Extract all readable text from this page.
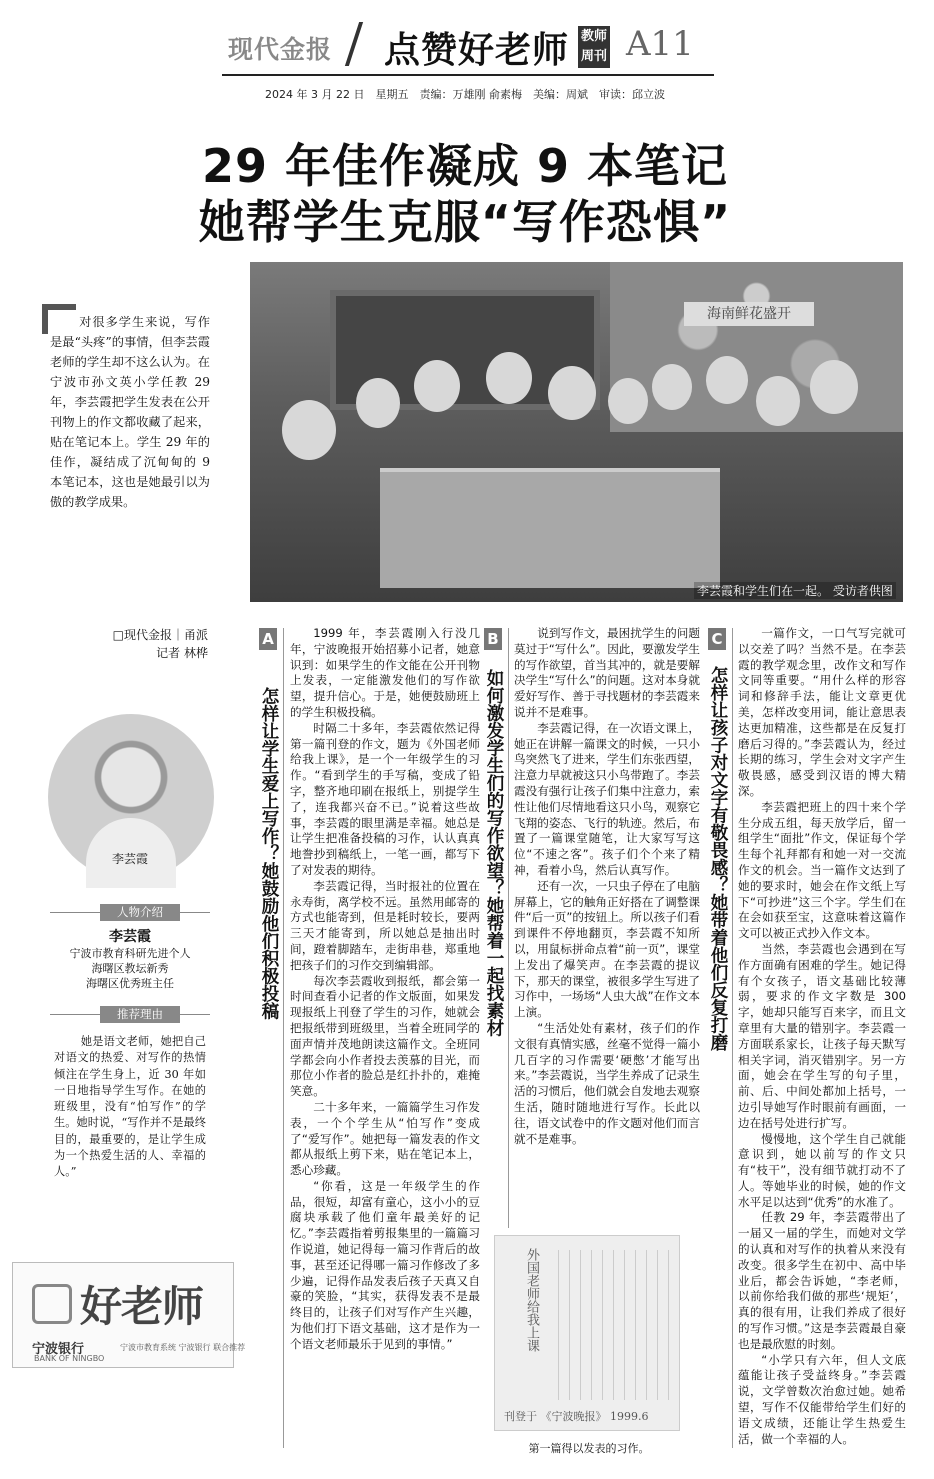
现代金报 点赞好老师 教师周刊 A11
2024 年 3 月 22 日　星期五　责编：万雄刚 俞素梅　美编：周斌　审读：邱立波
29 年佳作凝成 9 本笔记
她帮学生克服“写作恐惧”
海南鲜花盛开
李芸霞和学生们在一起。 受访者供图
对很多学生来说，写作是最“头疼”的事情，但李芸霞老师的学生却不这么认为。在宁波市孙文英小学任教 29 年，李芸霞把学生发表在公开刊物上的作文都收藏了起来，贴在笔记本上。学生 29 年的佳作，凝结成了沉甸甸的 9 本笔记本，这也是她最引以为傲的教学成果。
□现代金报｜甬派
记者 林桦
李芸霞
人物介绍
李芸霞
宁波市教育科研先进个人
海曙区教坛新秀
海曙区优秀班主任
推荐理由
她是语文老师，她把自己对语文的热爱、对写作的热情倾注在学生身上，近 30 年如一日地指导学生写作。在她的班级里，没有“怕写作”的学生。她时说，“写作并不是最终目的，最重要的，是让学生成为一个热爱生活的人、幸福的人。”
好老师
宁波银行
BANK OF NINGBO
宁波市教育系统 宁波银行 联合推荐
A
怎样让学生爱上写作？她鼓励他们积极投稿

1999 年，李芸霞刚入行没几年，宁波晚报开始招募小记者，她意识到：如果学生的作文能在公开刊物上发表，一定能激发他们的写作欲望，提升信心。于是，她便鼓励班上的学生积极投稿。

时隔二十多年，李芸霞依然记得第一篇刊登的作文，题为《外国老师给我上课》，是一个一年级学生的习作。“看到学生的手写稿，变成了铅字，整齐地印刷在报纸上，别提学生了，连我都兴奋不已。”说着这些故事，李芸霞的眼里满是幸福。她总是让学生把准备投稿的习作，认认真真地誊抄到稿纸上，一笔一画，都写下了对发表的期待。

李芸霞记得，当时报社的位置在永寿街，离学校不远。虽然用邮寄的方式也能寄到，但是耗时较长，要两三天才能寄到，所以她总是抽出时间，蹬着脚踏车，走街串巷，郑重地把孩子们的习作交到编辑部。

每次李芸霞收到报纸，都会第一时间查看小记者的作文版面，如果发现报纸上刊登了学生的习作，她就会把报纸带到班级里，当着全班同学的面声情并茂地朗读这篇作文。全班同学都会向小作者投去羡慕的目光，而那位小作者的脸总是红扑扑的，难掩笑意。

二十多年来，一篇篇学生习作发表，一个个学生从“怕写作”变成了“爱写作”。她把每一篇发表的作文都从报纸上剪下来，贴在笔记本上，悉心珍藏。

“你看，这是一年级学生的作品，很短，却富有童心，这小小的豆腐块承载了他们童年最美好的记忆。”李芸霞指着剪报集里的一篇篇习作说道，她记得每一篇习作背后的故事，甚至还记得哪一篇习作修改了多少遍，记得作品发表后孩子天真又自豪的笑脸，“其实，获得发表不是最终目的，让孩子们对写作产生兴趣，为他们打下语文基础，这才是作为一个语文老师最乐于见到的事情。”

B
如何激发学生们的写作欲望？她帮着一起找素材

说到写作文，最困扰学生的问题莫过于“写什么”。因此，要激发学生的写作欲望，首当其冲的，就是要解决学生“写什么”的问题。这对本身就爱好写作、善于寻找题材的李芸霞来说并不是难事。

李芸霞记得，在一次语文课上，她正在讲解一篇课文的时候，一只小鸟突然飞了进来，学生们东张西望，注意力早就被这只小鸟带跑了。李芸霞没有强行让孩子们集中注意力，索性让他们尽情地看这只小鸟，观察它飞翔的姿态、飞行的轨迹。然后，布置了一篇课堂随笔，让大家写写这位“不速之客”。孩子们个个来了精神，看着小鸟，然后认真写作。

还有一次，一只虫子停在了电脑屏幕上，它的触角正好搭在了调整课件“后一页”的按钮上。所以孩子们看到课件不停地翻页，李芸霞不知所以，用鼠标拼命点着“前一页”，课堂上发出了爆笑声。在李芸霞的提议下，那天的课堂，被很多学生写进了习作中，一场场“人虫大战”在作文本上演。

“生活处处有素材，孩子们的作文很有真情实感，丝毫不觉得一篇小几百字的习作需要‘硬憋’才能写出来。”李芸霞说，当学生养成了记录生活的习惯后，他们就会自发地去观察生活，随时随地进行写作。长此以往，语文试卷中的作文题对他们而言就不是难事。

外国老师给我上课
刊登于 《宁波晚报》 1999.6
第一篇得以发表的习作。
C
怎样让孩子对文字有敬畏感？她带着他们反复打磨

一篇作文，一口气写完就可以交差了吗？当然不是。在李芸霞的教学观念里，改作文和写作文同等重要。“用什么样的形容词和修辞手法，能让文章更优美，怎样改变用词，能让意思表达更加精准，这些都是在反复打磨后习得的。”李芸霞认为，经过长期的练习，学生会对文字产生敬畏感，感受到汉语的博大精深。

李芸霞把班上的四十来个学生分成五组，每天放学后，留一组学生“面批”作文，保证每个学生每个礼拜都有和她一对一交流作文的机会。当一篇作文达到了她的要求时，她会在作文纸上写下“可抄进”这三个字。学生们在在会如获至宝，这意味着这篇作文可以被正式抄入作文本。

当然，李芸霞也会遇到在写作方面确有困难的学生。她记得有个女孩子，语文基础比较薄弱，要求的作文字数是 300 字，她却只能写百来字，而且文章里有大量的错别字。李芸霞一方面联系家长，让孩子每天默写相关字词，消灭错别字。另一方面，她会在学生写的句子里，前、后、中间处都加上括号，一边引导她写作时眼前有画面，一边在括号处进行扩写。

慢慢地，这个学生自己就能意识到，她以前写的作文只有“枝干”，没有细节就打动不了人。等她毕业的时候，她的作文水平足以达到“优秀”的水准了。

任教 29 年，李芸霞带出了一届又一届的学生，而她对文学的认真和对写作的执着从来没有改变。很多学生在初中、高中毕业后，都会告诉她，“李老师，以前你给我们做的那些‘规矩’，真的很有用，让我们养成了很好的写作习惯。”这是李芸霞最自豪也是最欣慰的时刻。

“小学只有六年，但人文底蕴能让孩子受益终身。”李芸霞说，文学曾数次治愈过她。她希望，写作不仅能带给学生们好的语文成绩，还能让学生热爱生活，做一个幸福的人。
